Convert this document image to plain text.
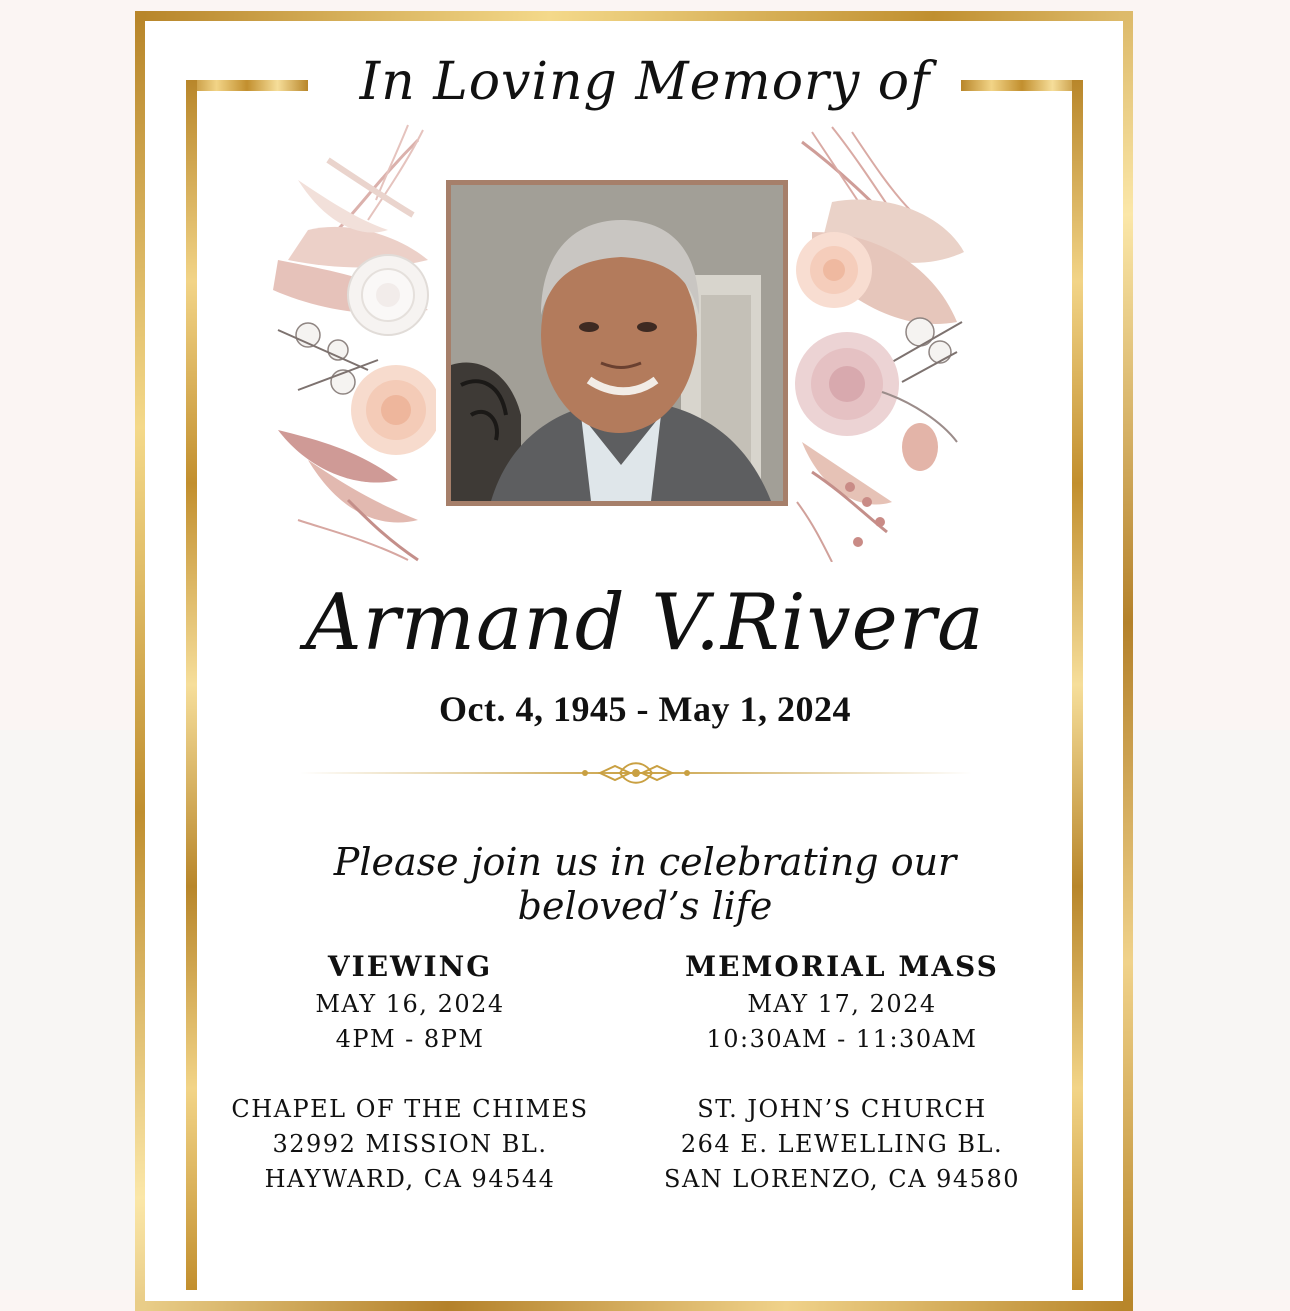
In Loving Memory of
Armand V.Rivera
Oct. 4, 1945 - May 1, 2024
Please join us in celebrating our beloved’s life
VIEWING
MAY 16, 2024
4PM - 8PM
CHAPEL OF THE CHIMES
32992 MISSION BL.
HAYWARD, CA 94544
MEMORIAL MASS
MAY 17, 2024
10:30AM - 11:30AM
ST. JOHN’S CHURCH
264 E. LEWELLING BL.
SAN LORENZO, CA 94580
